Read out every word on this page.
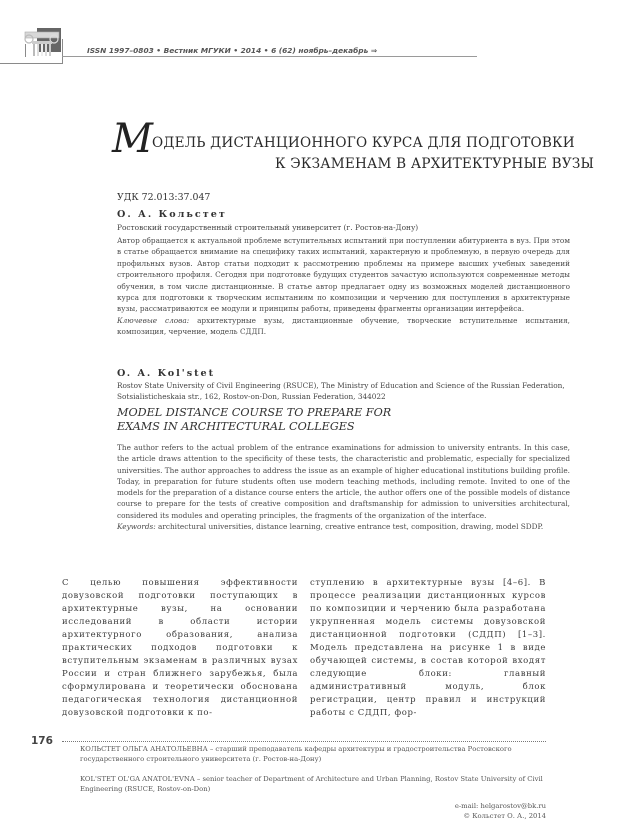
ISSN 1997–0803 • Вестник МГУКИ • 2014 • 6 (62) ноябрь–декабрь ⇒
М ОДЕЛЬ ДИСТАНЦИОННОГО КУРСА ДЛЯ ПОДГОТОВКИ
К ЭКЗАМЕНАМ В АРХИТЕКТУРНЫЕ ВУЗЫ
УДК 72.013:37.047
О. А. Кольстет
Ростовский государственный строительный университет (г. Ростов-на-Дону)
Автор обращается к актуальной проблеме вступительных испытаний при поступлении абитуриента в вуз. При этом в статье обращается внимание на специфику таких испытаний, характерную и проблемную, в первую очередь для профильных вузов. Автор статьи подходит к рассмотрению проблемы на примере высших учебных заведений строительного профиля. Сегодня при подготовке будущих студентов зачастую используются современные методы обучения, в том числе дистанционные. В статье автор предлагает одну из возможных моделей дистанционного курса для подготовки к творческим испытаниям по композиции и черчению для поступления в архитектурные вузы, рассматриваются ее модули и принципы работы, приведены фрагменты организации интерфейса.
Ключевые слова: архитектурные вузы, дистанционные обучение, творческие вступительные испытания, композиция, черчение, модель СДДП.
O. A. Kol'stet
Rostov State University of Civil Engineering (RSUCE), The Ministry of Education and Science of the Russian Federation, Sotsialisticheskaia str., 162, Rostov-on-Don, Russian Federation, 344022
MODEL DISTANCE COURSE TO PREPARE FOR
EXAMS IN ARCHITECTURAL COLLEGES
The author refers to the actual problem of the entrance examinations for admission to university entrants. In this case, the article draws attention to the specificity of these tests, the characteristic and problematic, especially for specialized universities. The author approaches to address the issue as an example of higher educational institutions building profile. Today, in preparation for future students often use modern teaching methods, including remote. Invited to one of the models for the preparation of a distance course enters the article, the author offers one of the possible models of distance course to prepare for the tests of creative composition and draftsmanship for admission to universities architectural, considered its modules and operating principles, the fragments of the organization of the interface.
Keywords: architectural universities, distance learning, creative entrance test, composition, drawing, model SDDP.
С целью повышения эффективности довузовской подготовки поступающих в архитектурные вузы, на основании исследований в области истории архитектурного образования, анализа практических подходов подготовки к вступительным экзаменам в различных вузах России и стран ближнего зарубежья, была сформулирована и теоретически обоснована педагогическая технология дистанционной довузовской подготовки к по-
ступлению в архитектурные вузы [4–6]. В процессе реализации дистанционных курсов по композиции и черчению была разработана укрупненная модель системы довузовской дистанционной подготовки (СДДП) [1–3]. Модель представлена на рисунке 1 в виде обучающей системы, в состав которой входят следующие блоки: главный административный модуль, блок регистрации, центр правил и инструкций работы с СДДП, фор-
176
КОЛЬСТЕТ ОЛЬГА АНАТОЛЬЕВНА – старший преподаватель кафедры архитектуры и градостроительства Ростовского государственного строительного университета (г. Ростов-на-Дону)
KOL'STET OL'GA ANATOL'EVNA – senior teacher of Department of Architecture and Urban Planning, Rostov State University of Civil Engineering (RSUCE, Rostov-on-Don)
e-mail: helgarostov@bk.ru
© Кольстет О. А., 2014
